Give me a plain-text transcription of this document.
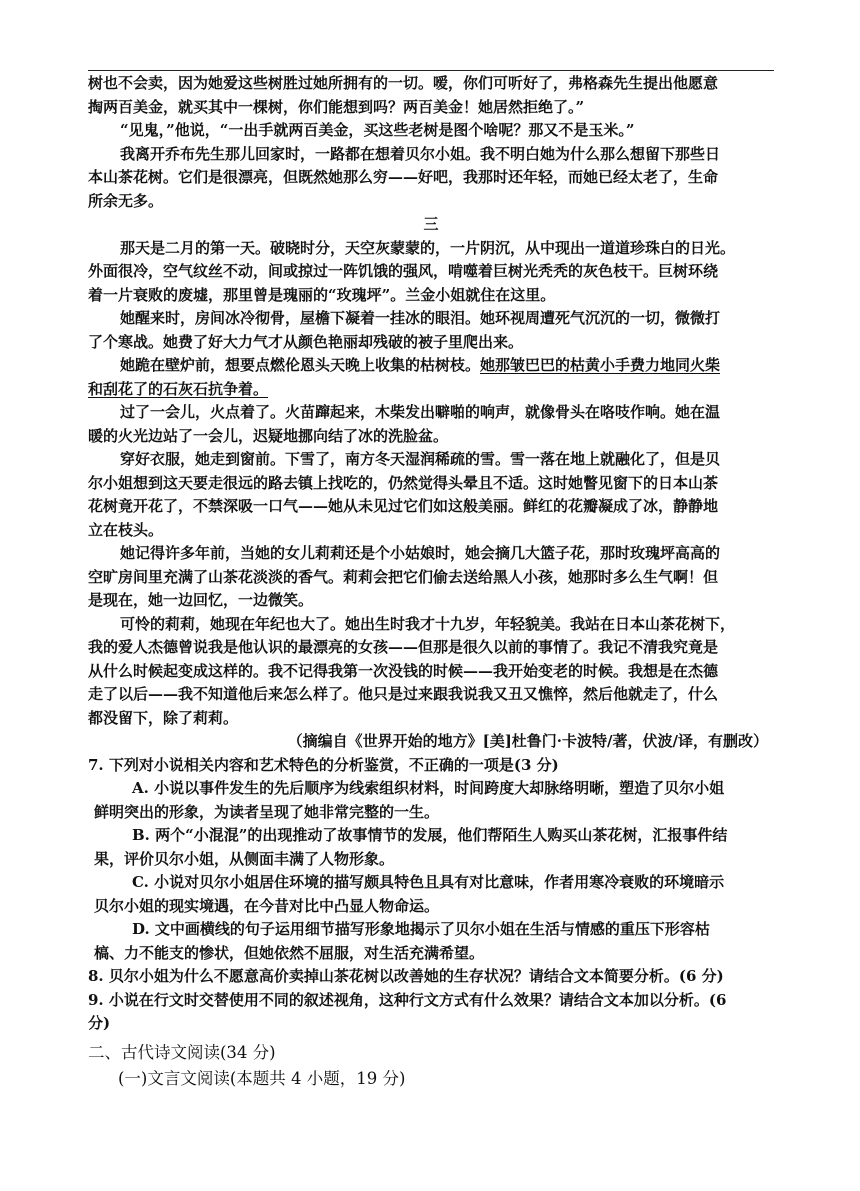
树也不会卖，因为她爱这些树胜过她所拥有的一切。嗳，你们可听好了，弗格森先生提出他愿意
掏两百美金，就买其中一棵树，你们能想到吗？两百美金！她居然拒绝了。”
“见鬼，”他说，“一出手就两百美金，买这些老树是图个啥呢？那又不是玉米。”
我离开乔布先生那儿回家时，一路都在想着贝尔小姐。我不明白她为什么那么想留下那些日
本山茶花树。它们是很漂亮，但既然她那么穷——好吧，我那时还年轻，而她已经太老了，生命
所余无多。
三
那天是二月的第一天。破晓时分，天空灰蒙蒙的，一片阴沉，从中现出一道道珍珠白的日光。
外面很冷，空气纹丝不动，间或掠过一阵饥饿的强风，啃噬着巨树光秃秃的灰色枝干。巨树环绕
着一片衰败的废墟，那里曾是瑰丽的“玫瑰坪”。兰金小姐就住在这里。
她醒来时，房间冰冷彻骨，屋檐下凝着一挂冰的眼泪。她环视周遭死气沉沉的一切，微微打
了个寒战。她费了好大力气才从颜色艳丽却残破的被子里爬出来。
她跪在壁炉前，想要点燃伦恩头天晚上收集的枯树枝。她那皱巴巴的枯黄小手费力地同火柴
和刮花了的石灰石抗争着。
过了一会儿，火点着了。火苗蹿起来，木柴发出噼啪的响声，就像骨头在咯吱作响。她在温
暖的火光边站了一会儿，迟疑地挪向结了冰的洗脸盆。
穿好衣服，她走到窗前。下雪了，南方冬天湿润稀疏的雪。雪一落在地上就融化了，但是贝
尔小姐想到这天要走很远的路去镇上找吃的，仍然觉得头晕且不适。这时她瞥见窗下的日本山茶
花树竟开花了，不禁深吸一口气——她从未见过它们如这般美丽。鲜红的花瓣凝成了冰，静静地
立在枝头。
她记得许多年前，当她的女儿莉莉还是个小姑娘时，她会摘几大篮子花，那时玫瑰坪高高的
空旷房间里充满了山茶花淡淡的香气。莉莉会把它们偷去送给黑人小孩，她那时多么生气啊！但
是现在，她一边回忆，一边微笑。
可怜的莉莉，她现在年纪也大了。她出生时我才十九岁，年轻貌美。我站在日本山茶花树下，
我的爱人杰德曾说我是他认识的最漂亮的女孩——但那是很久以前的事情了。我记不清我究竟是
从什么时候起变成这样的。我不记得我第一次没钱的时候——我开始变老的时候。我想是在杰德
走了以后——我不知道他后来怎么样了。他只是过来跟我说我又丑又憔悴，然后他就走了，什么
都没留下，除了莉莉。
（摘编自《世界开始的地方》[美]杜鲁门·卡波特/著，伏波/译，有删改）
7. 下列对小说相关内容和艺术特色的分析鉴赏，不正确的一项是(3 分)
A. 小说以事件发生的先后顺序为线索组织材料，时间跨度大却脉络明晰，塑造了贝尔小姐
鲜明突出的形象，为读者呈现了她非常完整的一生。
B. 两个“小混混”的出现推动了故事情节的发展，他们帮陌生人购买山茶花树，汇报事件结
果，评价贝尔小姐，从侧面丰满了人物形象。
C. 小说对贝尔小姐居住环境的描写颇具特色且具有对比意味，作者用寒冷衰败的环境暗示
贝尔小姐的现实境遇，在今昔对比中凸显人物命运。
D. 文中画横线的句子运用细节描写形象地揭示了贝尔小姐在生活与情感的重压下形容枯
槁、力不能支的惨状，但她依然不屈服，对生活充满希望。
8. 贝尔小姐为什么不愿意高价卖掉山茶花树以改善她的生存状况？请结合文本简要分析。(6 分)
9. 小说在行文时交替使用不同的叙述视角，这种行文方式有什么效果？请结合文本加以分析。(6
分)
二、古代诗文阅读(34 分)
(一)文言文阅读(本题共 4 小题，19 分)
